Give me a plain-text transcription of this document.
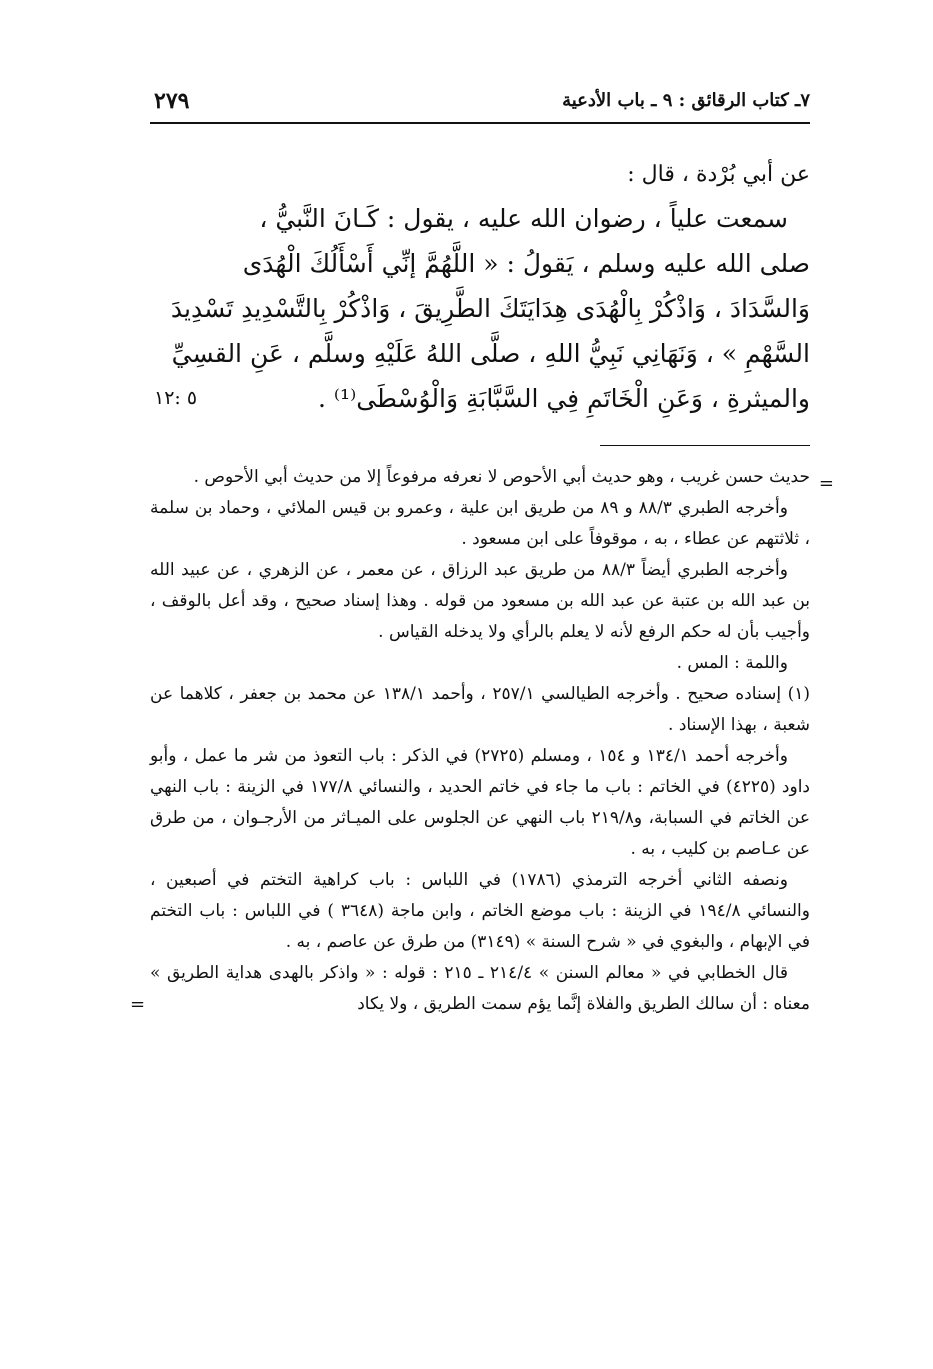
٧ـ كتاب الرقائق : ٩ ـ باب الأدعية
٢٧٩

عن أبي بُرْدة ، قال :

سمعت علياً ، رضوان الله عليه ، يقول : كَـانَ النَّبيُّ ،

صلى الله عليه وسلم ، يَقولُ : « اللَّهُمَّ إنِّي أَسْأَلُكَ الْهُدَى

وَالسَّدَادَ ، وَاذْكُرْ بِالْهُدَى هِدَايَتَكَ الطَّرِيقَ ، وَاذْكُرْ بِالتَّسْدِيدِ تَسْدِيدَ

السَّهْمِ » ، وَنَهَانِي نَبِيُّ اللهِ ، صلَّى اللهُ عَلَيْهِ وسلَّم ، عَنِ القسِيِّ

والميثرةِ ، وَعَنِ الْخَاتَمِ فِي السَّبَّابَةِ وَالْوُسْطَى⁽¹⁾ .
٥ :١٢

=

حديث حسن غريب ، وهو حديث أبي الأحوص لا نعرفه مرفوعاً إلا من حديث أبي الأحوص .

وأخرجه الطبري ٨٨/٣ و ٨٩ من طريق ابن علية ، وعمرو بن قيس الملائي ، وحماد بن سلمة ، ثلاثتهم عن عطاء ، به ، موقوفاً على ابن مسعود .

وأخرجه الطبري أيضاً ٨٨/٣ من طريق عبد الرزاق ، عن معمر ، عن الزهري ، عن عبيد الله بن عبد الله بن عتبة عن عبد الله بن مسعود من قوله . وهذا إسناد صحيح ، وقد أعل بالوقف ، وأجيب بأن له حكم الرفع لأنه لا يعلم بالرأي ولا يدخله القياس .

واللمة : المس .

(١) إسناده صحيح . وأخرجه الطيالسي ٢٥٧/١ ، وأحمد ١٣٨/١ عن محمد بن جعفر ، كلاهما عن شعبة ، بهذا الإسناد .

وأخرجه أحمد ١٣٤/١ و ١٥٤ ، ومسلم (٢٧٢٥) في الذكر : باب التعوذ من شر ما عمل ، وأبو داود (٤٢٢٥) في الخاتم : باب ما جاء في خاتم الحديد ، والنسائي ١٧٧/٨ في الزينة : باب النهي عن الخاتم في السبابة، و٢١٩/٨ باب النهي عن الجلوس على الميـاثر من الأرجـوان ، من طرق عن عـاصم بن كليب ، به .

ونصفه الثاني أخرجه الترمذي (١٧٨٦) في اللباس : باب كراهية التختم في أصبعين ، والنسائي ١٩٤/٨ في الزينة : باب موضع الخاتم ، وابن ماجة (٣٦٤٨ ) في اللباس : باب التختم في الإبهام ، والبغوي في « شرح السنة » (٣١٤٩) من طرق عن عاصم ، به .

قال الخطابي في « معالم السنن » ٢١٤/٤ ـ ٢١٥ : قوله : « واذكر بالهدى هداية الطريق » معناه : أن سالك الطريق والفلاة إنَّما يؤم سمت الطريق ، ولا يكاد

=
